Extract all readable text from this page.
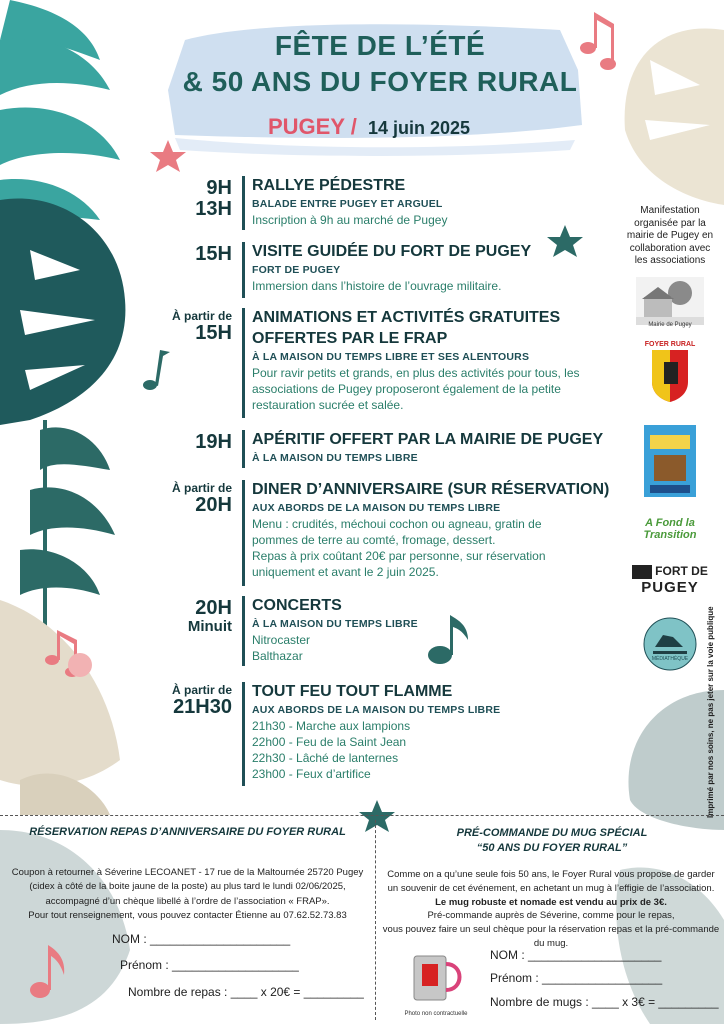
FÊTE DE L’ÉTÉ
& 50 ANS DU FOYER RURAL
PUGEY / 14 juin 2025
9H
13H
RALLYE PÉDESTRE
BALADE ENTRE PUGEY ET ARGUEL
Inscription à 9h au marché de Pugey
15H VISITE GUIDÉE DU FORT DE PUGEY
FORT DE PUGEY
Immersion dans l’histoire de l’ouvrage militaire.
À partir de
15H
ANIMATIONS ET ACTIVITÉS GRATUITES
OFFERTES PAR LE FRAP
À LA MAISON DU TEMPS LIBRE ET SES ALENTOURS
Pour ravir petits et grands, en plus des activités pour tous, les
associations de Pugey proposeront également de la petite
restauration sucrée et salée.
19H APÉRITIF OFFERT PAR LA MAIRIE DE PUGEY
À LA MAISON DU TEMPS LIBRE
À partir de
20H
DINER D’ANNIVERSAIRE (SUR RÉSERVATION)
AUX ABORDS DE LA MAISON DU TEMPS LIBRE
Menu : crudités, méchoui cochon ou agneau, gratin de
pommes de terre au comté, fromage, dessert.
Repas à prix coûtant 20€ par personne, sur réservation
uniquement et avant le 2 juin 2025.
20H
Minuit
CONCERTS
À LA MAISON DU TEMPS LIBRE
Nitrocaster
Balthazar
À partir de
21H30
TOUT FEU TOUT FLAMME
AUX ABORDS DE LA MAISON DU TEMPS LIBRE
21h30 - Marche aux lampions
22h00 - Feu de la Saint Jean
22h30 - Lâché de lanternes
23h00 - Feux d’artifice
Manifestation
organisée par la
mairie de Pugey en
collaboration avec
les associations
Mairie de Pugey
FOYER RURAL
A Fond la Transition
FORT DE
PUGEY
MÉDIATHÈQUE	Imprimé par nos soins, ne pas jeter sur la voie publique
RÉSERVATION REPAS D’ANNIVERSAIRE DU FOYER RURAL
Coupon à retourner à Séverine LECOANET - 17 rue de la Maltournée 25720 Pugey
(cidex à côté de la boite jaune de la poste) au plus tard le lundi 02/06/2025,
accompagné d’un chèque libellé à l’ordre de l’association « FRAP».
Pour tout renseignement, vous pouvez contacter Étienne au 07.62.52.73.83
NOM : _____________________
Prénom : ___________________
Nombre de repas : ____ x 20€ = _________
PRÉ-COMMANDE DU MUG SPÉCIAL
“50 ANS DU FOYER RURAL”
Comme on a qu’une seule fois 50 ans, le Foyer Rural vous propose de garder
un souvenir de cet événement, en achetant un mug à l’effigie de l’association.
Le mug robuste et nomade est vendu au prix de 3€.
Pré-commande auprès de Séverine, comme pour le repas,
vous pouvez faire un seul chèque pour la réservation repas et la pré-commande du mug.
Photo non contractuelle
NOM : ____________________
Prénom : __________________
Nombre de mugs : ____ x 3€ = _________
